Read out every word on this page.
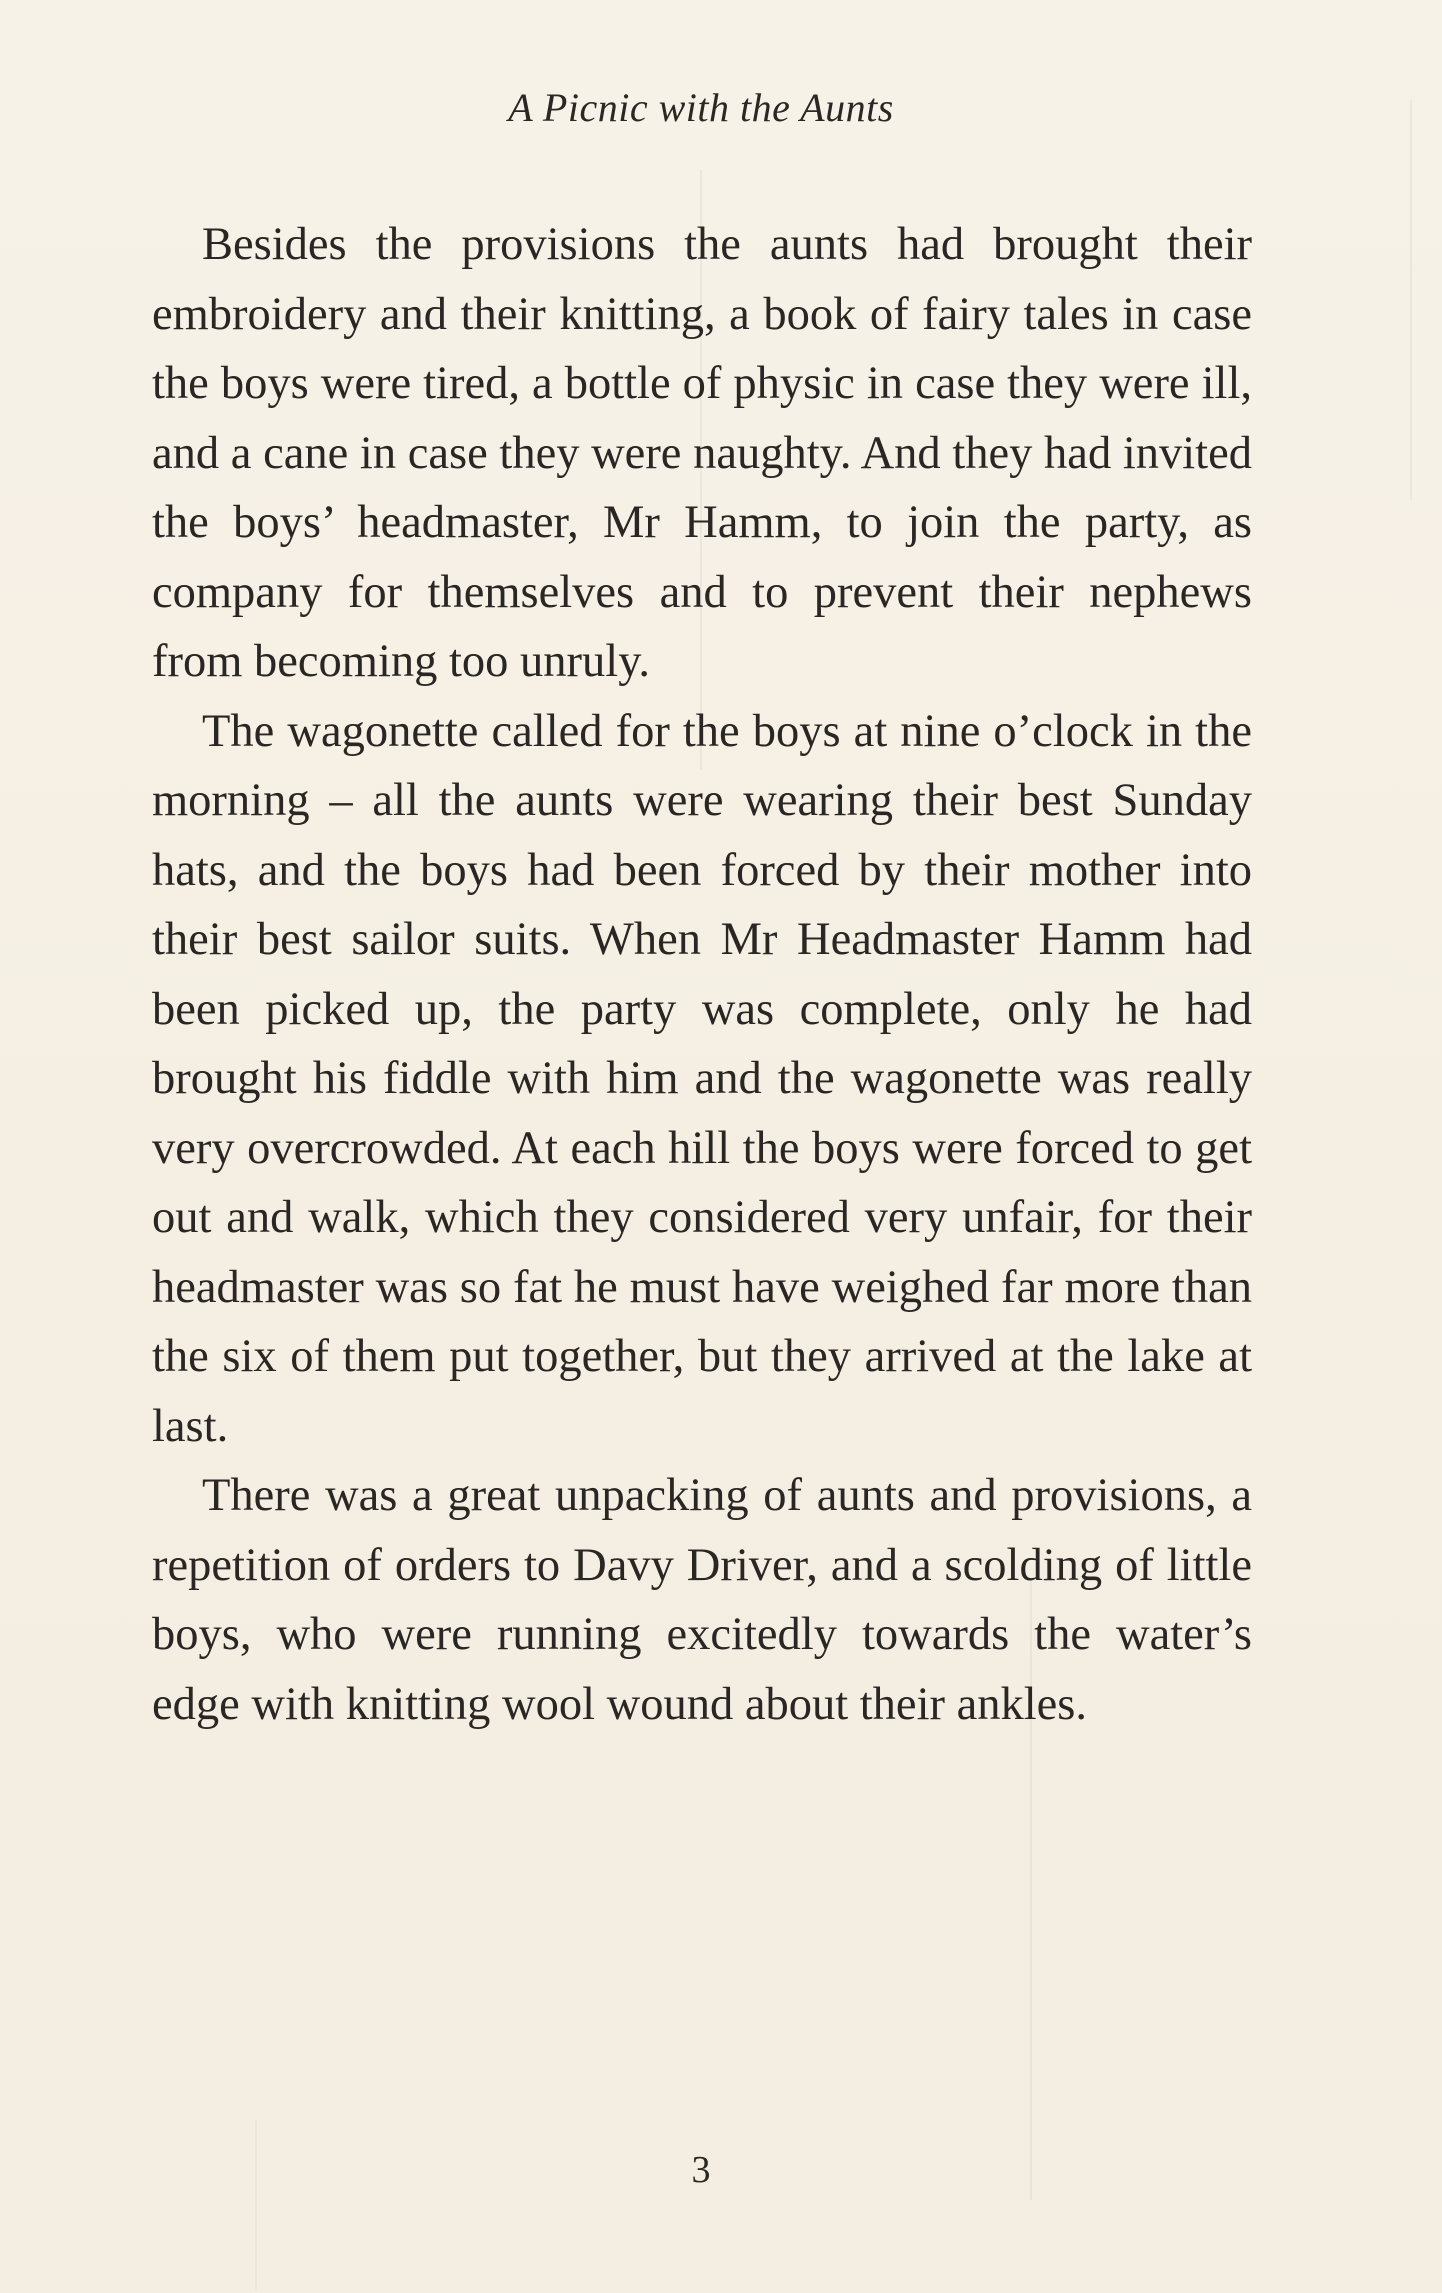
A Picnic with the Aunts

Besides the provisions the aunts had brought their embroidery and their knitting, a book of fairy tales in case the boys were tired, a bottle of physic in case they were ill, and a cane in case they were naughty. And they had invited the boys’ headmaster, Mr Hamm, to join the party, as company for themselves and to prevent their nephews from becoming too unruly.

The wagonette called for the boys at nine o’clock in the morning – all the aunts were wearing their best Sunday hats, and the boys had been forced by their mother into their best sailor suits. When Mr Headmaster Hamm had been picked up, the party was complete, only he had brought his fiddle with him and the wagonette was really very overcrowded. At each hill the boys were forced to get out and walk, which they considered very unfair, for their headmaster was so fat he must have weighed far more than the six of them put together, but they arrived at the lake at last.

There was a great unpacking of aunts and provisions, a repetition of orders to Davy Driver, and a scolding of little boys, who were running excitedly towards the water’s edge with knitting wool wound about their ankles.

3
